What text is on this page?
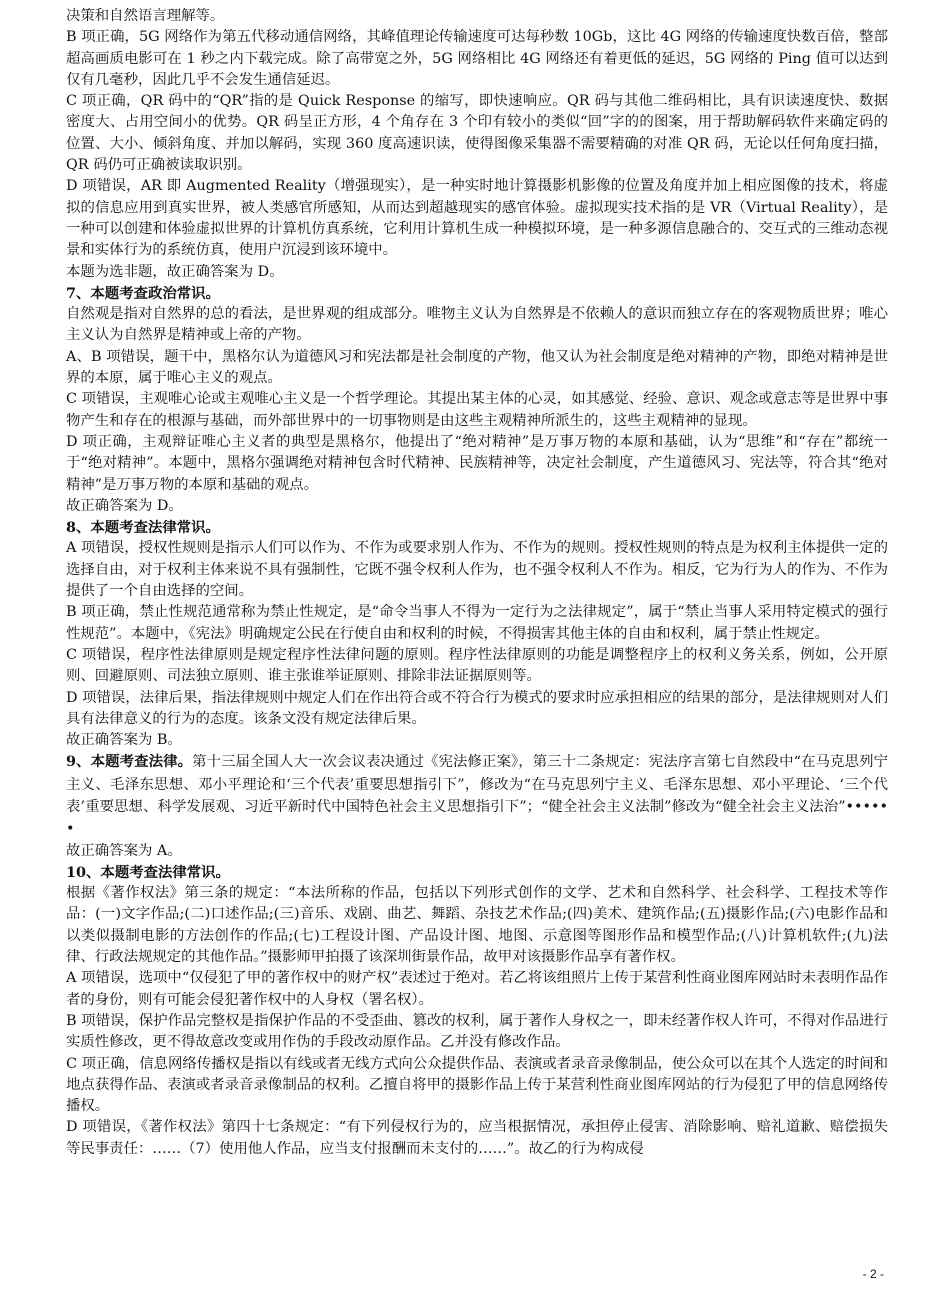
决策和自然语言理解等。

B 项正确，5G 网络作为第五代移动通信网络，其峰值理论传输速度可达每秒数 10Gb，这比 4G 网络的传输速度快数百倍，整部超高画质电影可在 1 秒之内下载完成。除了高带宽之外，5G 网络相比 4G 网络还有着更低的延迟，5G 网络的 Ping 值可以达到仅有几毫秒，因此几乎不会发生通信延迟。

C 项正确，QR 码中的“QR”指的是 Quick Response 的缩写，即快速响应。QR 码与其他二维码相比，具有识读速度快、数据密度大、占用空间小的优势。QR 码呈正方形，4 个角存在 3 个印有较小的类似“回”字的的图案，用于帮助解码软件来确定码的位置、大小、倾斜角度、并加以解码，实现 360 度高速识读，使得图像采集器不需要精确的对准 QR 码，无论以任何角度扫描，QR 码仍可正确被读取识别。

D 项错误，AR 即 Augmented Reality（增强现实），是一种实时地计算摄影机影像的位置及角度并加上相应图像的技术，将虚拟的信息应用到真实世界，被人类感官所感知，从而达到超越现实的感官体验。虚拟现实技术指的是 VR（Virtual Reality），是一种可以创建和体验虚拟世界的计算机仿真系统，它利用计算机生成一种模拟环境，是一种多源信息融合的、交互式的三维动态视景和实体行为的系统仿真，使用户沉浸到该环境中。

本题为选非题，故正确答案为 D。

7、本题考查政治常识。

自然观是指对自然界的总的看法，是世界观的组成部分。唯物主义认为自然界是不依赖人的意识而独立存在的客观物质世界；唯心主义认为自然界是精神或上帝的产物。

A、B 项错误，题干中，黑格尔认为道德风习和宪法都是社会制度的产物，他又认为社会制度是绝对精神的产物，即绝对精神是世界的本原，属于唯心主义的观点。

C 项错误，主观唯心论或主观唯心主义是一个哲学理论。其提出某主体的心灵，如其感觉、经验、意识、观念或意志等是世界中事物产生和存在的根源与基础，而外部世界中的一切事物则是由这些主观精神所派生的，这些主观精神的显现。

D 项正确，主观辩证唯心主义者的典型是黑格尔，他提出了“绝对精神”是万事万物的本原和基础，认为“思维”和“存在”都统一于“绝对精神”。本题中，黑格尔强调绝对精神包含时代精神、民族精神等，决定社会制度，产生道德风习、宪法等，符合其“绝对精神”是万事万物的本原和基础的观点。

故正确答案为 D。

8、本题考查法律常识。

A 项错误，授权性规则是指示人们可以作为、不作为或要求别人作为、不作为的规则。授权性规则的特点是为权利主体提供一定的选择自由，对于权利主体来说不具有强制性，它既不强令权利人作为，也不强令权利人不作为。相反，它为行为人的作为、不作为提供了一个自由选择的空间。

B 项正确，禁止性规范通常称为禁止性规定，是“命令当事人不得为一定行为之法律规定”，属于“禁止当事人采用特定模式的强行性规范”。本题中，《宪法》明确规定公民在行使自由和权利的时候，不得损害其他主体的自由和权利，属于禁止性规定。

C 项错误，程序性法律原则是规定程序性法律问题的原则。程序性法律原则的功能是调整程序上的权利义务关系，例如，公开原则、回避原则、司法独立原则、谁主张谁举证原则、排除非法证据原则等。

D 项错误，法律后果，指法律规则中规定人们在作出符合或不符合行为模式的要求时应承担相应的结果的部分，是法律规则对人们具有法律意义的行为的态度。该条文没有规定法律后果。

故正确答案为 B。

9、本题考查法律。第十三届全国人大一次会议表决通过《宪法修正案》，第三十二条规定：宪法序言第七自然段中“在马克思列宁主义、毛泽东思想、邓小平理论和‘三个代表’重要思想指引下”，修改为“在马克思列宁主义、毛泽东思想、邓小平理论、‘三个代表’重要思想、科学发展观、习近平新时代中国特色社会主义思想指引下”；“健全社会主义法制”修改为“健全社会主义法治”••••••

故正确答案为 A。

10、本题考查法律常识。

根据《著作权法》第三条的规定：“本法所称的作品，包括以下列形式创作的文学、艺术和自然科学、社会科学、工程技术等作品：(一)文字作品;(二)口述作品;(三)音乐、戏剧、曲艺、舞蹈、杂技艺术作品;(四)美术、建筑作品;(五)摄影作品;(六)电影作品和以类似摄制电影的方法创作的作品;(七)工程设计图、产品设计图、地图、示意图等图形作品和模型作品;(八)计算机软件;(九)法律、行政法规规定的其他作品。”摄影师甲拍摄了该深圳街景作品，故甲对该摄影作品享有著作权。

A 项错误，选项中“仅侵犯了甲的著作权中的财产权”表述过于绝对。若乙将该组照片上传于某营利性商业图库网站时未表明作品作者的身份，则有可能会侵犯著作权中的人身权（署名权）。

B 项错误，保护作品完整权是指保护作品的不受歪曲、篡改的权利，属于著作人身权之一，即未经著作权人许可，不得对作品进行实质性修改，更不得故意改变或用作伪的手段改动原作品。乙并没有修改作品。

C 项正确，信息网络传播权是指以有线或者无线方式向公众提供作品、表演或者录音录像制品，使公众可以在其个人选定的时间和地点获得作品、表演或者录音录像制品的权利。乙擅自将甲的摄影作品上传于某营利性商业图库网站的行为侵犯了甲的信息网络传播权。

D 项错误，《著作权法》第四十七条规定：“有下列侵权行为的，应当根据情况，承担停止侵害、消除影响、赔礼道歉、赔偿损失等民事责任：……（7）使用他人作品，应当支付报酬而未支付的……”。故乙的行为构成侵

- 2 -
